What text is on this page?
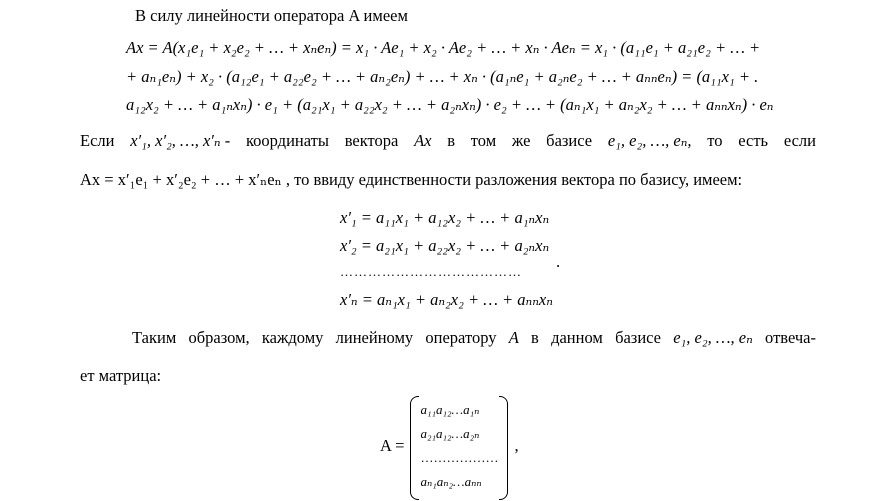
В силу линейности оператора A имеем
Ax = A(x₁e₁ + x₂e₂ + … + xₙeₙ) = x₁ · Ae₁ + x₂ · Ae₂ + … + xₙ · Aeₙ = x₁ · (a₁₁e₁ + a₂₁e₂ + … +
+ aₙ₁eₙ) + x₂ · (a₁₂e₁ + a₂₂e₂ + … + aₙ₂eₙ) + … + xₙ · (a₁ₙe₁ + a₂ₙe₂ + … + aₙₙeₙ) = (a₁₁x₁ + .
a₁₂x₂ + … + a₁ₙxₙ) · e₁ + (a₂₁x₁ + a₂₂x₂ + … + a₂ₙxₙ) · e₂ + … + (aₙ₁x₁ + aₙ₂x₂ + … + aₙₙxₙ) · eₙ
Если x′₁, x′₂, …, x′ₙ - координаты вектора Ax в том же базисе e₁, e₂, …, eₙ, то есть если
Ax = x′₁e₁ + x′₂e₂ + … + x′ₙeₙ , то ввиду единственности разложения вектора по базису, имеем:
x′₁ = a₁₁x₁ + a₁₂x₂ + … + a₁ₙxₙ
x′₂ = a₂₁x₁ + a₂₂x₂ + … + a₂ₙxₙ
…………………………………
.
x′ₙ = aₙ₁x₁ + aₙ₂x₂ + … + aₙₙxₙ
Таким образом, каждому линейному оператору A в данном базисе e₁, e₂, …, eₙ отвеча-
ет матрица:
A =
a₁₁a₁₂…a₁ₙ
a₂₁a₁₂…a₂ₙ
………………
aₙ₁aₙ₂…aₙₙ
,
